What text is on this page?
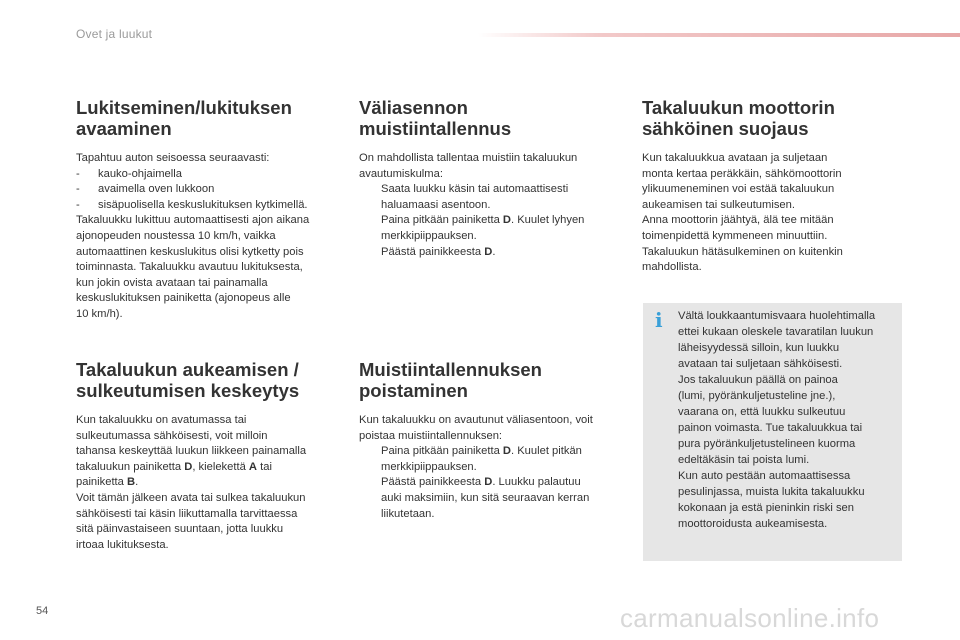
Ovet ja luukut
Lukitseminen/lukituksen
avaaminen

Tapahtuu auton seisoessa seuraavasti:

-	kauko-ohjaimella
-	avaimella oven lukkoon
-	sisäpuolisella keskuslukituksen kytkimellä.

Takaluukku lukittuu automaattisesti ajon aikana
ajonopeuden noustessa 10 km/h, vaikka
automaattinen keskuslukitus olisi kytketty pois
toiminnasta. Takaluukku avautuu lukituksesta,
kun jokin ovista avataan tai painamalla
keskuslukituksen painiketta (ajonopeus alle
10 km/h).

Takaluukun aukeamisen /
sulkeutumisen keskeytys

Kun takaluukku on avatumassa tai
sulkeutumassa sähköisesti, voit milloin
tahansa keskeyttää luukun liikkeen painamalla
takaluukun painiketta D, kielekettä A tai
painiketta B.
Voit tämän jälkeen avata tai sulkea takaluukun
sähköisesti tai käsin liikuttamalla tarvittaessa
sitä päinvastaiseen suuntaan, jotta luukku
irtoaa lukituksesta.

Väliasennon
muistiintallennus

On mahdollista tallentaa muistiin takaluukun
avautumiskulma:

Saata luukku käsin tai automaattisesti
haluamaasi asentoon.
Paina pitkään painiketta D. Kuulet lyhyen
merkkipiippauksen.
Päästä painikkeesta D.
Muistiintallennuksen
poistaminen

Kun takaluukku on avautunut väliasentoon, voit
poistaa muistiintallennuksen:

Paina pitkään painiketta D. Kuulet pitkän
merkkipiippauksen.
Päästä painikkeesta D. Luukku palautuu
auki maksimiin, kun sitä seuraavan kerran
liikutetaan.
Takaluukun moottorin
sähköinen suojaus

Kun takaluukkua avataan ja suljetaan
monta kertaa peräkkäin, sähkömoottorin
ylikuumeneminen voi estää takaluukun
aukeamisen tai sulkeutumisen.
Anna moottorin jäähtyä, älä tee mitään
toimenpidettä kymmeneen minuuttiin.
Takaluukun hätäsulkeminen on kuitenkin
mahdollista.

i Vältä loukkaantumisvaara huolehtimalla
ettei kukaan oleskele tavaratilan luukun
läheisyydessä silloin, kun luukku
avataan tai suljetaan sähköisesti.
Jos takaluukun päällä on painoa
(lumi, pyöränkuljetusteline jne.),
vaarana on, että luukku sulkeutuu
painon voimasta. Tue takaluukkua tai
pura pyöränkuljetustelineen kuorma
edeltäkäsin tai poista lumi.
Kun auto pestään automaattisessa
pesulinjassa, muista lukita takaluukku
kokonaan ja estä pieninkin riski sen
moottoroidusta aukeamisesta.
54	carmanualsonline.info
